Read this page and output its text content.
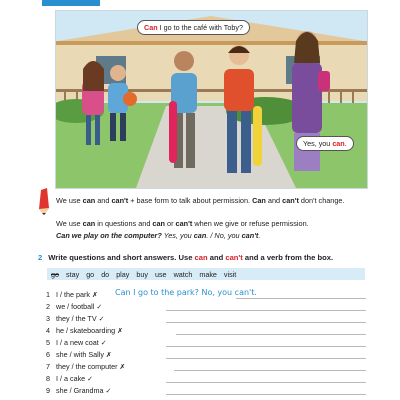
Can I go to the café with Toby?
Yes, you can.
We use can and can't + base form to talk about permission. Can and can't don't change.
We use can in questions and can or can't when we give or refuse permission.
Can we play on the computer? Yes, you can. / No, you can't.
2 Write questions and short answers. Use can and can't and a verb from the box.
go stay go do play buy use watch make visit
1 I / the park ✗ Can I go to the park? No, you can't.
2 we / football ✓
3 they / the TV ✓
4 he / skateboarding ✗
5 I / a new coat ✓
6 she / with Sally ✗
7 they / the computer ✗
8 I / a cake ✓
9 she / Grandma ✓
